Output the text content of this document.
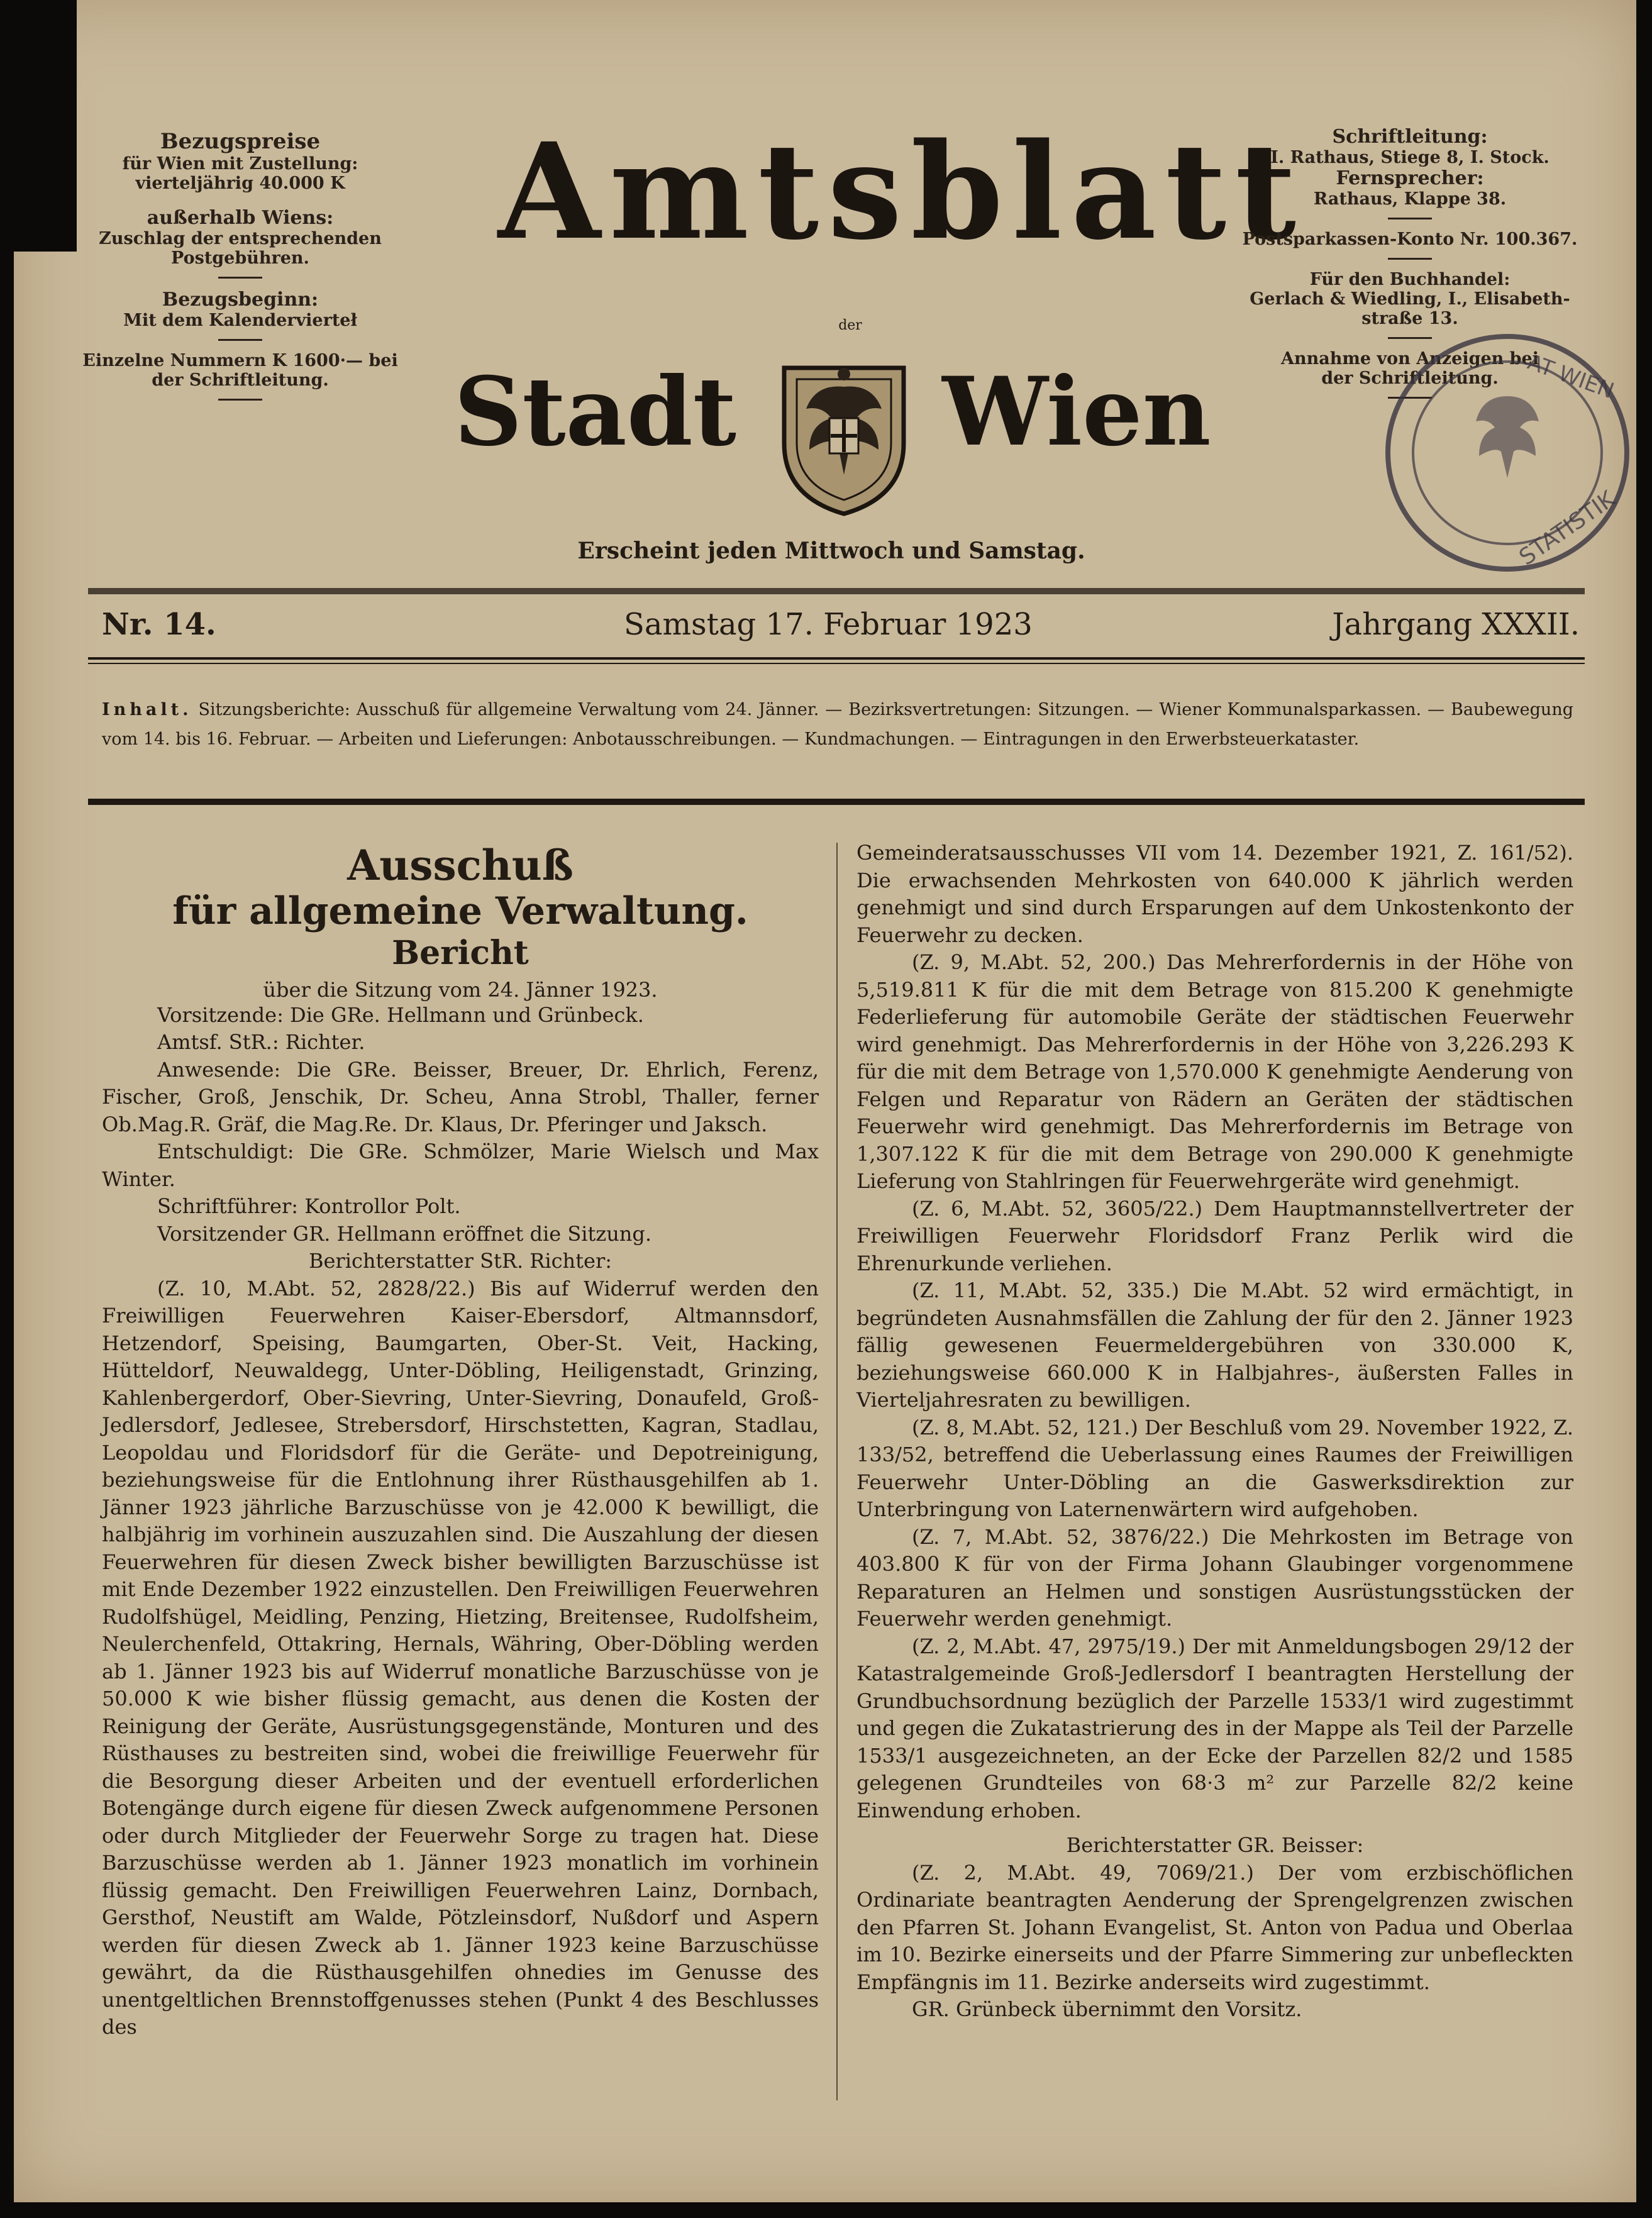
Bezugspreise
für Wien mit Zustellung:
vierteljährig 40.000 K
außerhalb Wiens:
Zuschlag der entsprechenden
Postgebühren.
Bezugsbeginn:
Mit dem Kalendervierteł
Einzelne Nummern K 1600·— bei
der Schriftleitung.
Amtsblatt
der
Stadt Wien
Erscheint jeden Mittwoch und Samstag.
Schriftleitung:
I. Rathaus, Stiege 8, I. Stock.
Fernsprecher:
Rathaus, Klappe 38.
Postsparkassen-Konto Nr. 100.367.
Für den Buchhandel:
Gerlach & Wiedling, I., Elisabeth-
straße 13.
Annahme von Anzeigen bei
der Schriftleitung.	AT WIEN
STATISTIK
Nr. 14.	Samstag 17. Februar 1923	Jahrgang XXXII.
Inhalt. Sitzungsberichte: Ausschuß für allgemeine Verwaltung vom 24. Jänner. — Bezirksvertretungen: Sitzungen. — Wiener Kommunalsparkassen. — Baubewegung vom 14. bis 16. Februar. — Arbeiten und Lieferungen: Anbotausschreibungen. — Kundmachungen. — Eintragungen in den Erwerbsteuerkataster.

Ausschuß

für allgemeine Verwaltung.

Bericht

über die Sitzung vom 24. Jänner 1923.

Vorsitzende: Die GRe. Hellmann und Grünbeck.

Amtsf. StR.: Richter.

Anwesende: Die GRe. Beisser, Breuer, Dr. Ehrlich, Ferenz, Fischer, Groß, Jenschik, Dr. Scheu, Anna Strobl, Thaller, ferner Ob.Mag.R. Gräf, die Mag.Re. Dr. Klaus, Dr. Pferinger und Jaksch.

Entschuldigt: Die GRe. Schmölzer, Marie Wielsch und Max Winter.

Schriftführer: Kontrollor Polt.

Vorsitzender GR. Hellmann eröffnet die Sitzung.

Berichterstatter StR. Richter:

(Z. 10, M.Abt. 52, 2828/22.) Bis auf Widerruf werden den Freiwilligen Feuerwehren Kaiser-Ebersdorf, Altmannsdorf, Hetzendorf, Speising, Baumgarten, Ober-St. Veit, Hacking, Hütteldorf, Neuwaldegg, Unter-Döbling, Heiligenstadt, Grinzing, Kahlenbergerdorf, Ober-Sievring, Unter-Sievring, Donaufeld, Groß-Jedlersdorf, Jedlesee, Strebersdorf, Hirschstetten, Kagran, Stadlau, Leopoldau und Floridsdorf für die Geräte- und Depotreinigung, beziehungsweise für die Entlohnung ihrer Rüsthausgehilfen ab 1. Jänner 1923 jährliche Barzuschüsse von je 42.000 K bewilligt, die halbjährig im vorhinein auszuzahlen sind. Die Auszahlung der diesen Feuerwehren für diesen Zweck bisher bewilligten Barzuschüsse ist mit Ende Dezember 1922 einzustellen. Den Freiwilligen Feuerwehren Rudolfshügel, Meidling, Penzing, Hietzing, Breitensee, Rudolfsheim, Neulerchenfeld, Ottakring, Hernals, Währing, Ober-Döbling werden ab 1. Jänner 1923 bis auf Widerruf monatliche Barzuschüsse von je 50.000 K wie bisher flüssig gemacht, aus denen die Kosten der Reinigung der Geräte, Ausrüstungsgegenstände, Monturen und des Rüsthauses zu bestreiten sind, wobei die freiwillige Feuerwehr für die Besorgung dieser Arbeiten und der eventuell erforderlichen Botengänge durch eigene für diesen Zweck aufgenommene Personen oder durch Mitglieder der Feuerwehr Sorge zu tragen hat. Diese Barzuschüsse werden ab 1. Jänner 1923 monatlich im vorhinein flüssig gemacht. Den Freiwilligen Feuerwehren Lainz, Dornbach, Gersthof, Neustift am Walde, Pötzleinsdorf, Nußdorf und Aspern werden für diesen Zweck ab 1. Jänner 1923 keine Barzuschüsse gewährt, da die Rüsthausgehilfen ohnedies im Genusse des unentgeltlichen Brennstoffgenusses stehen (Punkt 4 des Beschlusses des

Gemeinderatsausschusses VII vom 14. Dezember 1921, Z. 161/52). Die erwachsenden Mehrkosten von 640.000 K jährlich werden genehmigt und sind durch Ersparungen auf dem Unkostenkonto der Feuerwehr zu decken.

(Z. 9, M.Abt. 52, 200.) Das Mehrerfordernis in der Höhe von 5,519.811 K für die mit dem Betrage von 815.200 K genehmigte Federlieferung für automobile Geräte der städtischen Feuerwehr wird genehmigt. Das Mehrerfordernis in der Höhe von 3,226.293 K für die mit dem Betrage von 1,570.000 K genehmigte Aenderung von Felgen und Reparatur von Rädern an Geräten der städtischen Feuerwehr wird genehmigt. Das Mehrerfordernis im Betrage von 1,307.122 K für die mit dem Betrage von 290.000 K genehmigte Lieferung von Stahlringen für Feuerwehrgeräte wird genehmigt.

(Z. 6, M.Abt. 52, 3605/22.) Dem Hauptmannstellvertreter der Freiwilligen Feuerwehr Floridsdorf Franz Perlik wird die Ehrenurkunde verliehen.

(Z. 11, M.Abt. 52, 335.) Die M.Abt. 52 wird ermächtigt, in begründeten Ausnahmsfällen die Zahlung der für den 2. Jänner 1923 fällig gewesenen Feuermeldergebühren von 330.000 K, beziehungsweise 660.000 K in Halbjahres-, äußersten Falles in Vierteljahresraten zu bewilligen.

(Z. 8, M.Abt. 52, 121.) Der Beschluß vom 29. November 1922, Z. 133/52, betreffend die Ueberlassung eines Raumes der Freiwilligen Feuerwehr Unter-Döbling an die Gaswerksdirektion zur Unterbringung von Laternenwärtern wird aufgehoben.

(Z. 7, M.Abt. 52, 3876/22.) Die Mehrkosten im Betrage von 403.800 K für von der Firma Johann Glaubinger vorgenommene Reparaturen an Helmen und sonstigen Ausrüstungsstücken der Feuerwehr werden genehmigt.

(Z. 2, M.Abt. 47, 2975/19.) Der mit Anmeldungsbogen 29/12 der Katastralgemeinde Groß-Jedlersdorf I beantragten Herstellung der Grundbuchsordnung bezüglich der Parzelle 1533/1 wird zugestimmt und gegen die Zukatastrierung des in der Mappe als Teil der Parzelle 1533/1 ausgezeichneten, an der Ecke der Parzellen 82/2 und 1585 gelegenen Grundteiles von 68·3 m² zur Parzelle 82/2 keine Einwendung erhoben.

Berichterstatter GR. Beisser:

(Z. 2, M.Abt. 49, 7069/21.) Der vom erzbischöflichen Ordinariate beantragten Aenderung der Sprengelgrenzen zwischen den Pfarren St. Johann Evangelist, St. Anton von Padua und Oberlaa im 10. Bezirke einerseits und der Pfarre Simmering zur unbefleckten Empfängnis im 11. Bezirke anderseits wird zugestimmt.

GR. Grünbeck übernimmt den Vorsitz.
